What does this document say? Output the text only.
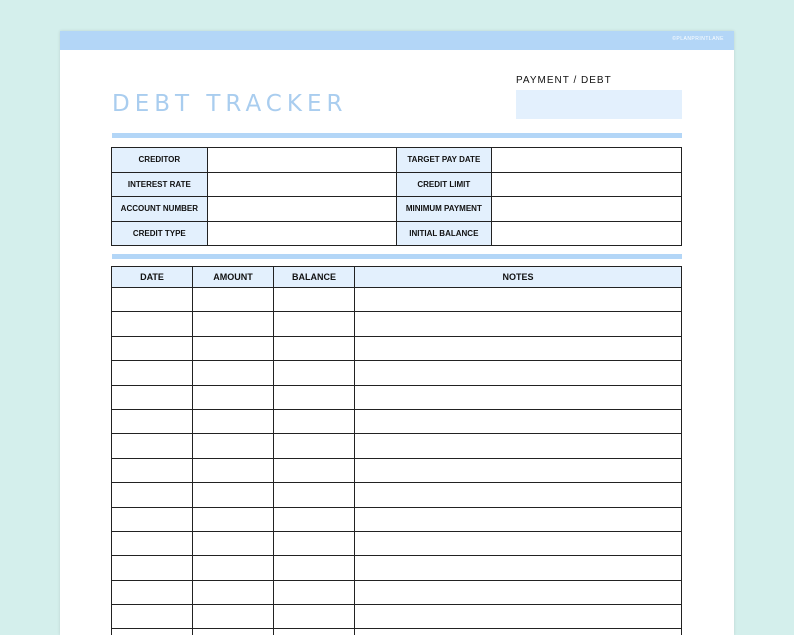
©PLANPRINTLANE
DEBT TRACKER
PAYMENT / DEBT
CREDITOR		TARGET PAY DATE	
INTEREST RATE		CREDIT LIMIT	
ACCOUNT NUMBER		MINIMUM PAYMENT	
CREDIT TYPE		INITIAL BALANCE	
DATE	AMOUNT	BALANCE	NOTES
